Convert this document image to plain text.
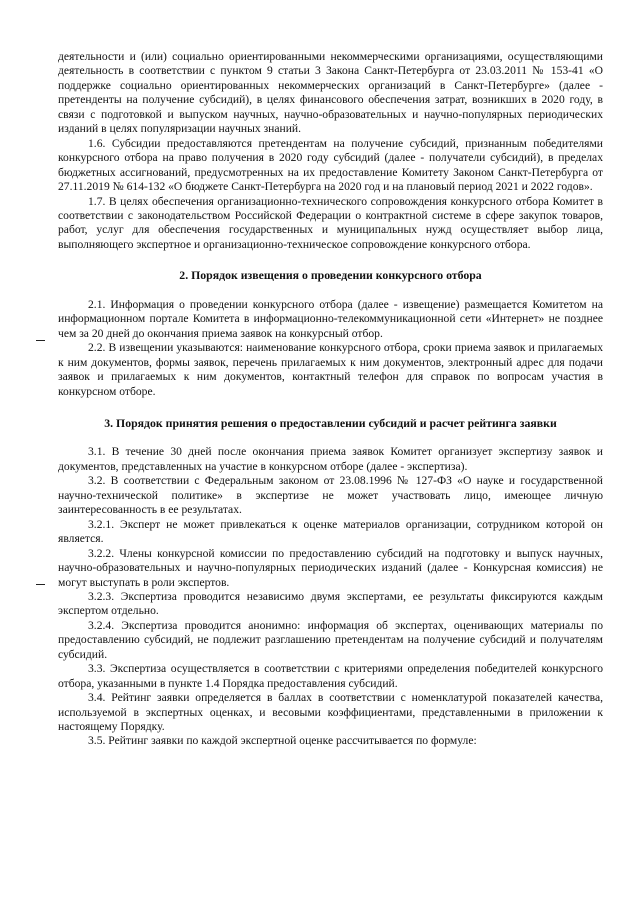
деятельности и (или) социально ориентированными некоммерческими организациями, осуществляющими деятельность в соответствии с пунктом 9 статьи 3 Закона Санкт-Петербурга от 23.03.2011 № 153-41 «О поддержке социально ориентированных некоммерческих организаций в Санкт-Петербурге» (далее - претенденты на получение субсидий), в целях финансового обеспечения затрат, возникших в 2020 году, в связи с подготовкой и выпуском научных, научно-образовательных и научно-популярных периодических изданий в целях популяризации научных знаний.

1.6. Субсидии предоставляются претендентам на получение субсидий, признанным победителями конкурсного отбора на право получения в 2020 году субсидий (далее - получатели субсидий), в пределах бюджетных ассигнований, предусмотренных на их предоставление Комитету Законом Санкт-Петербурга от 27.11.2019 № 614-132 «О бюджете Санкт-Петербурга на 2020 год и на плановый период 2021 и 2022 годов».

1.7. В целях обеспечения организационно-технического сопровождения конкурсного отбора Комитет в соответствии с законодательством Российской Федерации о контрактной системе в сфере закупок товаров, работ, услуг для обеспечения государственных и муниципальных нужд осуществляет выбор лица, выполняющего экспертное и организационно-техническое сопровождение конкурсного отбора.

2. Порядок извещения о проведении конкурсного отбора

2.1. Информация о проведении конкурсного отбора (далее - извещение) размещается Комитетом на информационном портале Комитета в информационно-телекоммуникационной сети «Интернет» не позднее чем за 20 дней до окончания приема заявок на конкурсный отбор.

2.2. В извещении указываются: наименование конкурсного отбора, сроки приема заявок и прилагаемых к ним документов, формы заявок, перечень прилагаемых к ним документов, электронный адрес для подачи заявок и прилагаемых к ним документов, контактный телефон для справок по вопросам участия в конкурсном отборе.

3. Порядок принятия решения о предоставлении субсидий и расчет рейтинга заявки

3.1. В течение 30 дней после окончания приема заявок Комитет организует экспертизу заявок и документов, представленных на участие в конкурсном отборе (далее - экспертиза).

3.2. В соответствии с Федеральным законом от 23.08.1996 № 127-ФЗ «О науке и государственной научно-технической политике» в экспертизе не может участвовать лицо, имеющее личную заинтересованность в ее результатах.

3.2.1. Эксперт не может привлекаться к оценке материалов организации, сотрудником которой он является.

3.2.2. Члены конкурсной комиссии по предоставлению субсидий на подготовку и выпуск научных, научно-образовательных и научно-популярных периодических изданий (далее - Конкурсная комиссия) не могут выступать в роли экспертов.

3.2.3. Экспертиза проводится независимо двумя экспертами, ее результаты фиксируются каждым экспертом отдельно.

3.2.4. Экспертиза проводится анонимно: информация об экспертах, оценивающих материалы по предоставлению субсидий, не подлежит разглашению претендентам на получение субсидий и получателям субсидий.

3.3. Экспертиза осуществляется в соответствии с критериями определения победителей конкурсного отбора, указанными в пункте 1.4 Порядка предоставления субсидий.

3.4. Рейтинг заявки определяется в баллах в соответствии с номенклатурой показателей качества, используемой в экспертных оценках, и весовыми коэффициентами, представленными в приложении к настоящему Порядку.

3.5. Рейтинг заявки по каждой экспертной оценке рассчитывается по формуле:
